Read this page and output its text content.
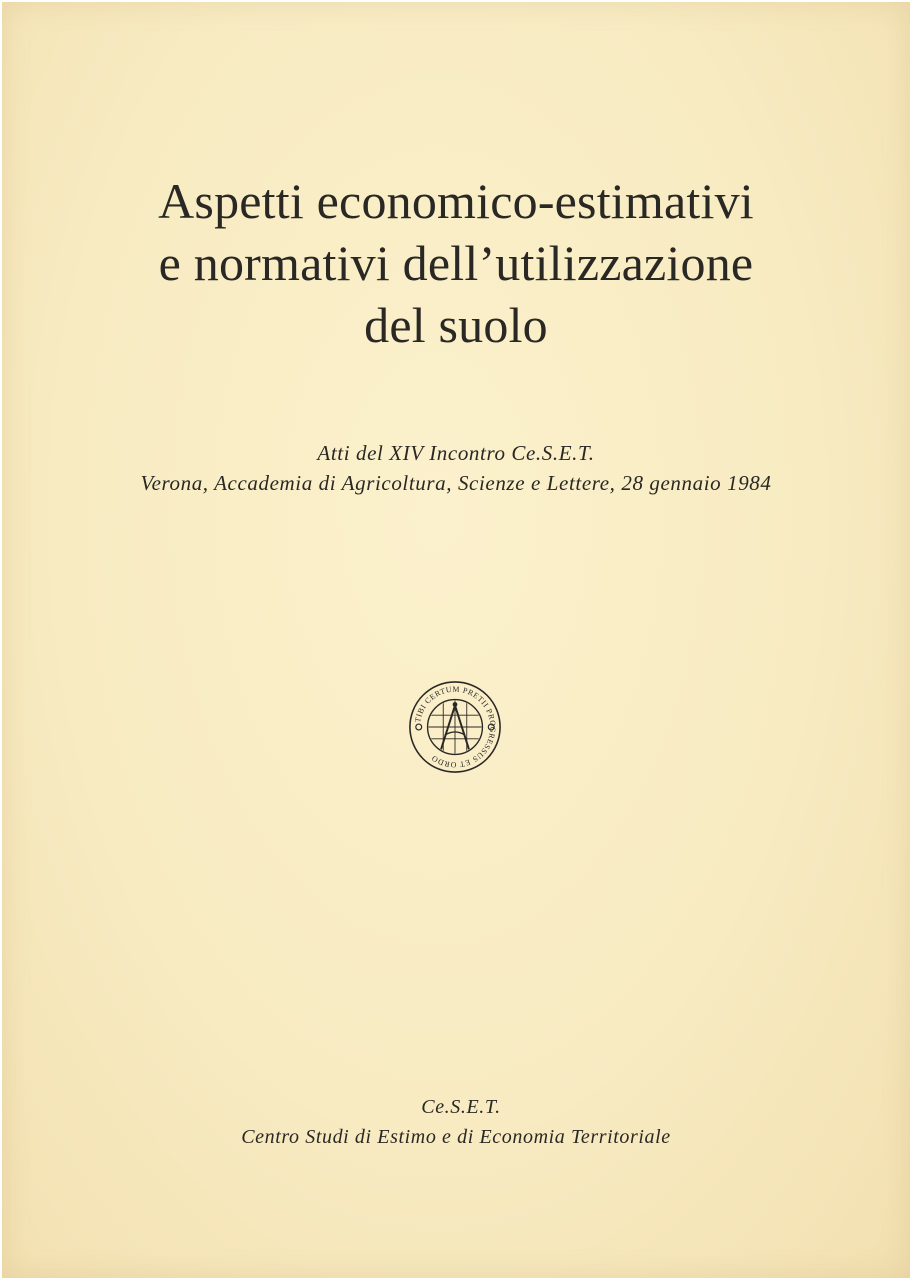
Aspetti economico-estimativi
e normativi dell’utilizzazione
del suolo
Atti del XIV Incontro Ce.S.E.T.
Verona, Accademia di Agricoltura, Scienze e Lettere, 28 gennaio 1984
TIBI CERTUM PRETII PROGRESSUS ET ORDO
Ce.S.E.T.
Centro Studi di Estimo e di Economia Territoriale
